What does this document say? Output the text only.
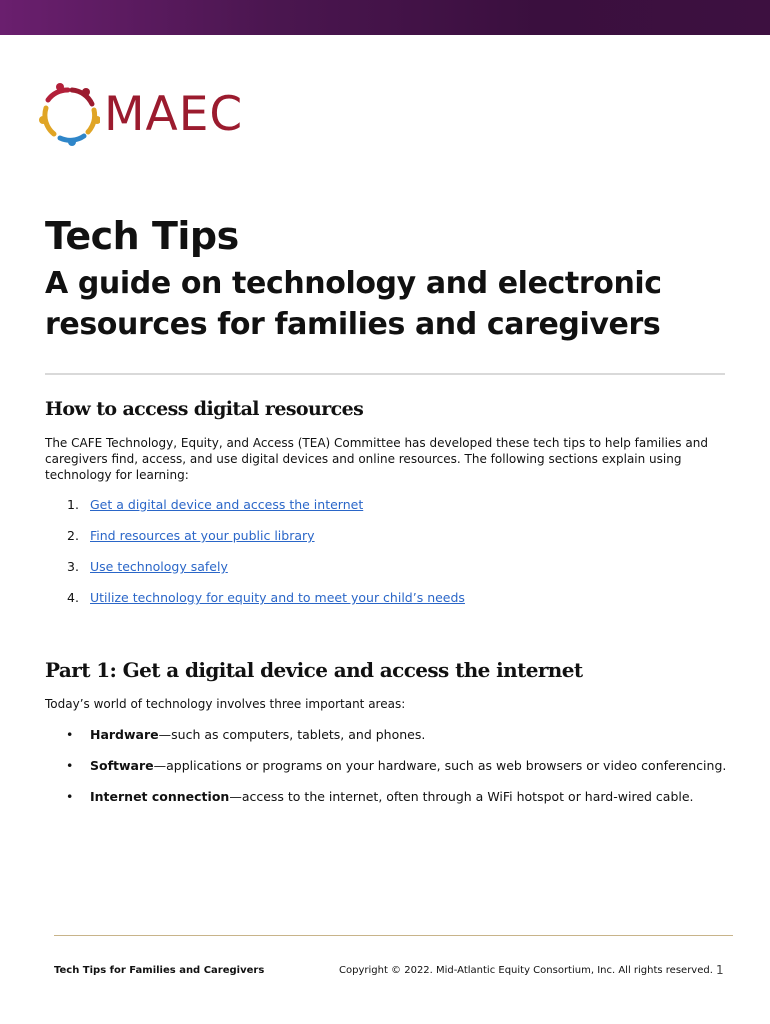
MAEC
Tech Tips
A guide on technology and electronic resources for families and caregivers
How to access digital resources

The CAFE Technology, Equity, and Access (TEA) Committee has developed these tech tips to help families and caregivers find, access, and use digital devices and online resources. The following sections explain using technology for learning:

1. Get a digital device and access the internet
2. Find resources at your public library
3. Use technology safely
4. Utilize technology for equity and to meet your child’s needs
Part 1: Get a digital device and access the internet

Today’s world of technology involves three important areas:

•	Hardware—such as computers, tablets, and phones.
•	Software—applications or programs on your hardware, such as web browsers or video conferencing.
•	Internet connection—access to the internet, often through a WiFi hotspot or hard-wired cable.
Tech Tips for Families and Caregivers	Copyright © 2022. Mid-Atlantic Equity Consortium, Inc. All rights reserved. 1
